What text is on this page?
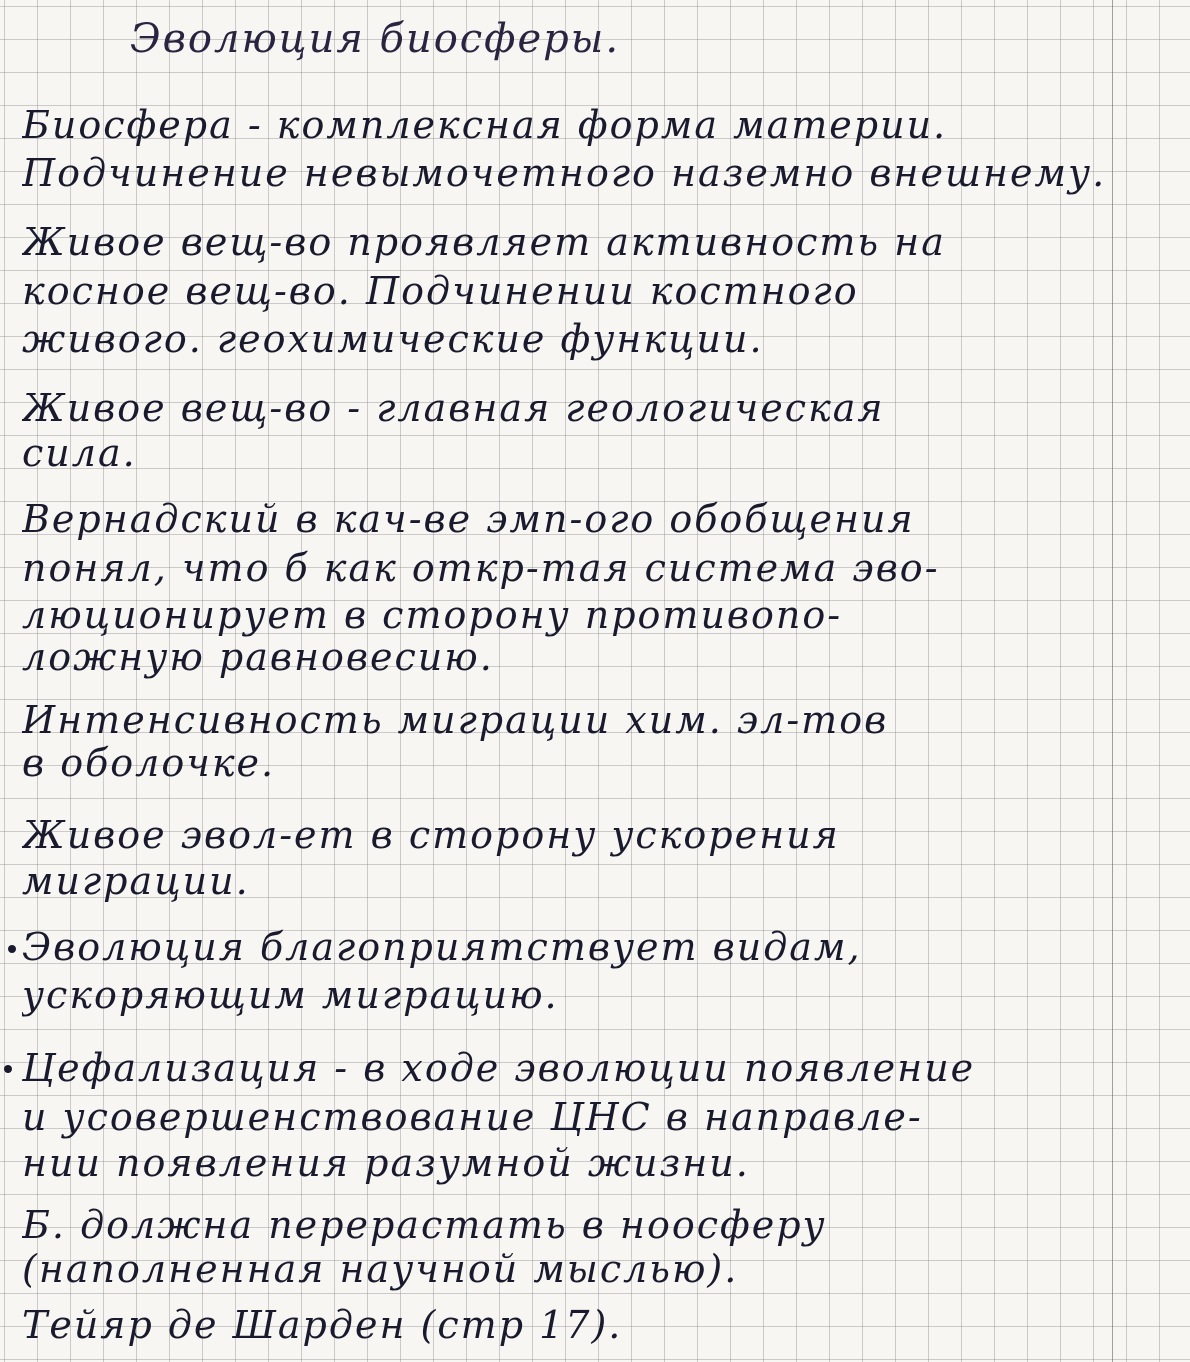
Эволюция биосферы.
Биосфера - комплексная форма материи.
Подчинение невымочетного наземно внешнему.
Живое вещ-во проявляет активность на
косное вещ-во. Подчинении костного
живого. геохимические функции.
Живое вещ-во - главная геологическая
сила.
Вернадский в кач-ве эмп-ого обобщения
понял, что б как откр-тая система эво-
люционирует в сторону противопо-
ложную равновесию.
Интенсивность миграции хим. эл-тов
в оболочке.
Живое эвол-ет в сторону ускорения
миграции.
Эволюция благоприятствует видам,
ускоряющим миграцию.
Цефализация - в ходе эволюции появление
и усовершенствование ЦНС в направле-
нии появления разумной жизни.
Б. должна перерастать в ноосферу
(наполненная научной мыслью).
Тейяр де Шарден (стр 17).
